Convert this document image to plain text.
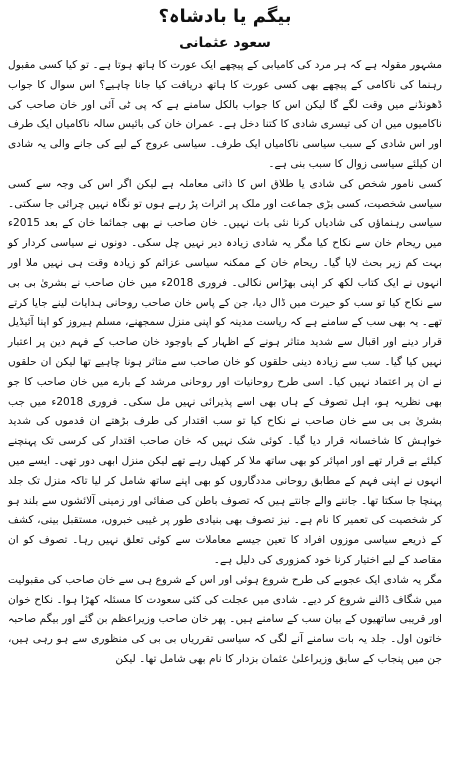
بیگم یا بادشاہ؟
سعود عثمانی

مشہور مقولہ ہے کہ ہر مرد کی کامیابی کے پیچھے ایک عورت کا ہاتھ ہوتا ہے۔ تو کیا کسی مقبول رہنما کی ناکامی کے پیچھے بھی کسی عورت کا ہاتھ دریافت کیا جانا چاہیے؟ اس سوال کا جواب ڈھونڈنے میں وقت لگے گا لیکن اس کا جواب بالکل سامنے ہے کہ پی ٹی آئی اور خان صاحب کی ناکامیوں میں ان کی تیسری شادی کا کتنا دخل ہے۔ عمران خان کی بائیس سالہ ناکامیاں ایک طرف اور اس شادی کے سبب سیاسی ناکامیاں ایک طرف۔ سیاسی عروج کے لیے کی جانے والی یہ شادی ان کیلئے سیاسی زوال کا سبب بنی ہے۔

کسی نامور شخص کی شادی یا طلاق اس کا ذاتی معاملہ ہے لیکن اگر اس کی وجہ سے کسی سیاسی شخصیت، کسی بڑی جماعت اور ملک پر اثرات پڑ رہے ہوں تو نگاہ نہیں چرائی جا سکتی۔ سیاسی رہنماؤں کی شادیاں کرنا نئی بات نہیں۔ خان صاحب نے بھی جمائما خان کے بعد 2015ء میں ریحام خان سے نکاح کیا مگر یہ شادی زیادہ دیر نہیں چل سکی۔ دونوں نے سیاسی کردار کو بہت کم زیر بحث لایا گیا۔ ریحام خان کے ممکنہ سیاسی عزائم کو زیادہ وقت ہی نہیں ملا اور انہوں نے ایک کتاب لکھ کر اپنی بھڑاس نکالی۔ فروری 2018ء میں خان صاحب نے بشریٰ بی بی سے نکاح کیا تو سب کو حیرت میں ڈال دیا، جن کے پاس خان صاحب روحانی ہدایات لینے جایا کرتے تھے۔ یہ بھی سب کے سامنے ہے کہ ریاست مدینہ کو اپنی منزل سمجھنے، مسلم ہیروز کو اپنا آئیڈیل قرار دینے اور اقبال سے شدید متاثر ہونے کے اظہار کے باوجود خان صاحب کے فہم دین پر اعتبار نہیں کیا گیا۔ سب سے زیادہ دینی حلقوں کو خان صاحب سے متاثر ہونا چاہیے تھا لیکن ان حلقوں نے ان پر اعتماد نہیں کیا۔ اسی طرح روحانیات اور روحانی مرشد کے بارے میں خان صاحب کا جو بھی نظریہ ہو، اہل تصوف کے ہاں بھی اسے پذیرائی نہیں مل سکی۔ فروری 2018ء میں جب بشریٰ بی بی سے خان صاحب نے نکاح کیا تو سب اقتدار کی طرف بڑھتے ان قدموں کی شدید خواہش کا شاخسانہ قرار دیا گیا۔ کوئی شک نہیں کہ خان صاحب اقتدار کی کرسی تک پہنچنے کیلئے بے قرار تھے اور امپائر کو بھی ساتھ ملا کر کھیل رہے تھے لیکن منزل ابھی دور تھی۔ ایسے میں انہوں نے اپنی فہم کے مطابق روحانی مددگاروں کو بھی اپنے ساتھ شامل کر لیا تاکہ منزل تک جلد پہنچا جا سکتا تھا۔ جاننے والے جانتے ہیں کہ تصوف باطن کی صفائی اور زمینی آلائشوں سے بلند ہو کر شخصیت کی تعمیر کا نام ہے۔ نیز تصوف بھی بنیادی طور پر غیبی خبروں، مستقبل بینی، کشف کے ذریعے سیاسی موزوں افراد کا تعین جیسے معاملات سے کوئی تعلق نہیں رہا۔ تصوف کو ان مقاصد کے لیے اختیار کرنا خود کمزوری کی دلیل ہے۔

مگر یہ شادی ایک عجوبے کی طرح شروع ہوئی اور اس کے شروع ہی سے خان صاحب کی مقبولیت میں شگاف ڈالنے شروع کر دیے۔ شادی میں عجلت کی کئی سعودت کا مسئلہ کھڑا ہوا۔ نکاح خوان اور قریبی ساتھیوں کے بیان سب کے سامنے ہیں۔ پھر خان صاحب وزیراعظم بن گئے اور بیگم صاحبہ خاتون اول۔ جلد یہ بات سامنے آنے لگی کہ سیاسی تقرریاں بی بی کی منظوری سے ہو رہی ہیں، جن میں پنجاب کے سابق وزیراعلیٰ عثمان بزدار کا نام بھی شامل تھا۔ لیکن
